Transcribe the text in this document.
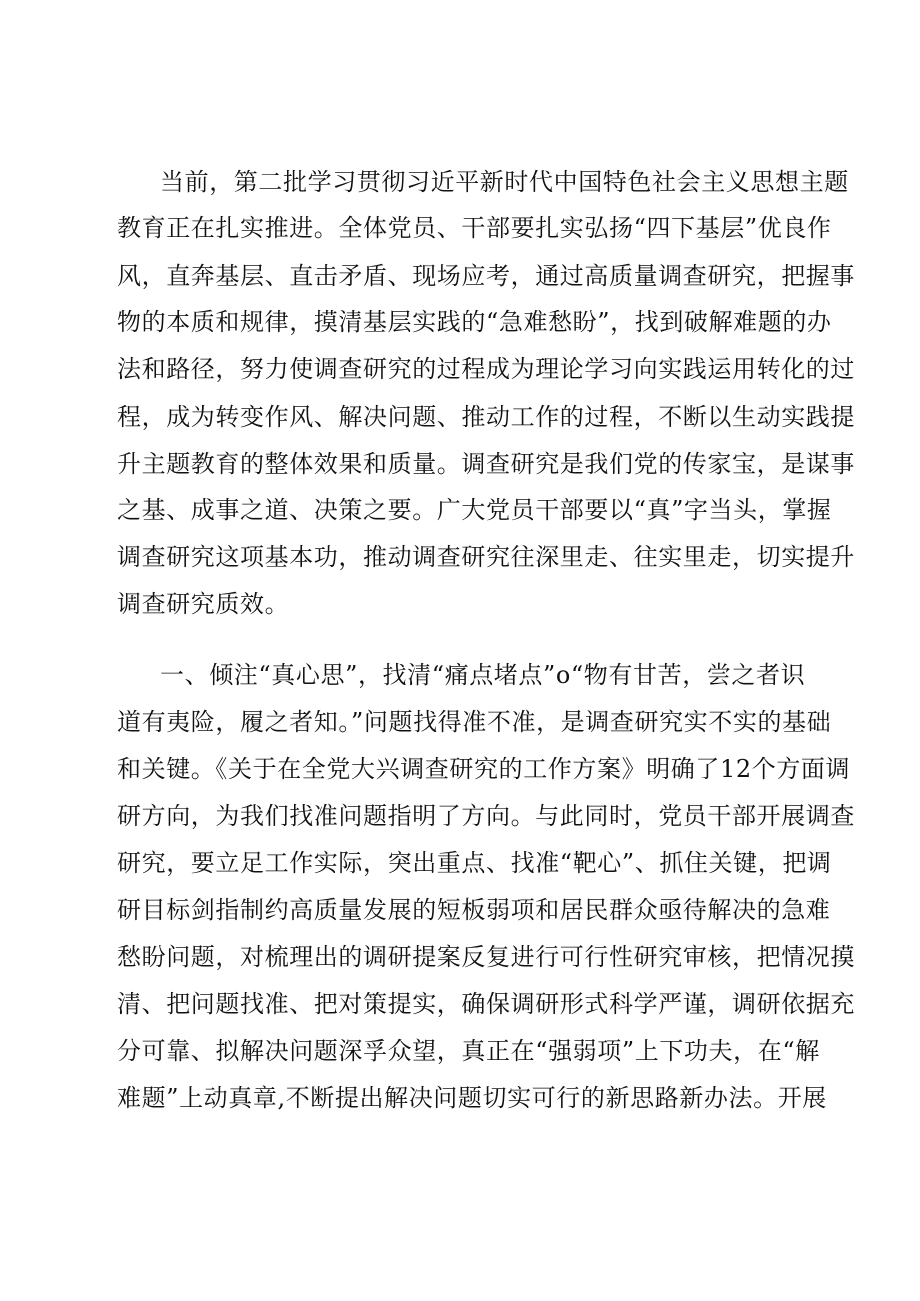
当前，第二批学习贯彻习近平新时代中国特色社会主义思想主题
教育正在扎实推进。全体党员、干部要扎实弘扬“四下基层”优良作
风，直奔基层、直击矛盾、现场应考，通过高质量调查研究，把握事
物的本质和规律，摸清基层实践的“急难愁盼”，找到破解难题的办
法和路径，努力使调查研究的过程成为理论学习向实践运用转化的过
程，成为转变作风、解决问题、推动工作的过程，不断以生动实践提
升主题教育的整体效果和质量。调查研究是我们党的传家宝，是谋事
之基、成事之道、决策之要。广大党员干部要以“真”字当头，掌握
调查研究这项基本功，推动调查研究往深里走、往实里走，切实提升
调查研究质效。
一、倾注“真心思”，找清“痛点堵点”o“物有甘苦，尝之者识
道有夷险，履之者知。”问题找得准不准，是调查研究实不实的基础
和关键。《关于在全党大兴调查研究的工作方案》明确了12个方面调
研方向，为我们找准问题指明了方向。与此同时，党员干部开展调查
研究，要立足工作实际，突出重点、找准“靶心”、抓住关键，把调
研目标剑指制约高质量发展的短板弱项和居民群众亟待解决的急难
愁盼问题，对梳理出的调研提案反复进行可行性研究审核，把情况摸
清、把问题找准、把对策提实，确保调研形式科学严谨，调研依据充
分可靠、拟解决问题深孚众望，真正在“强弱项”上下功夫，在“解
难题”上动真章,不断提出解决问题切实可行的新思路新办法。开展
